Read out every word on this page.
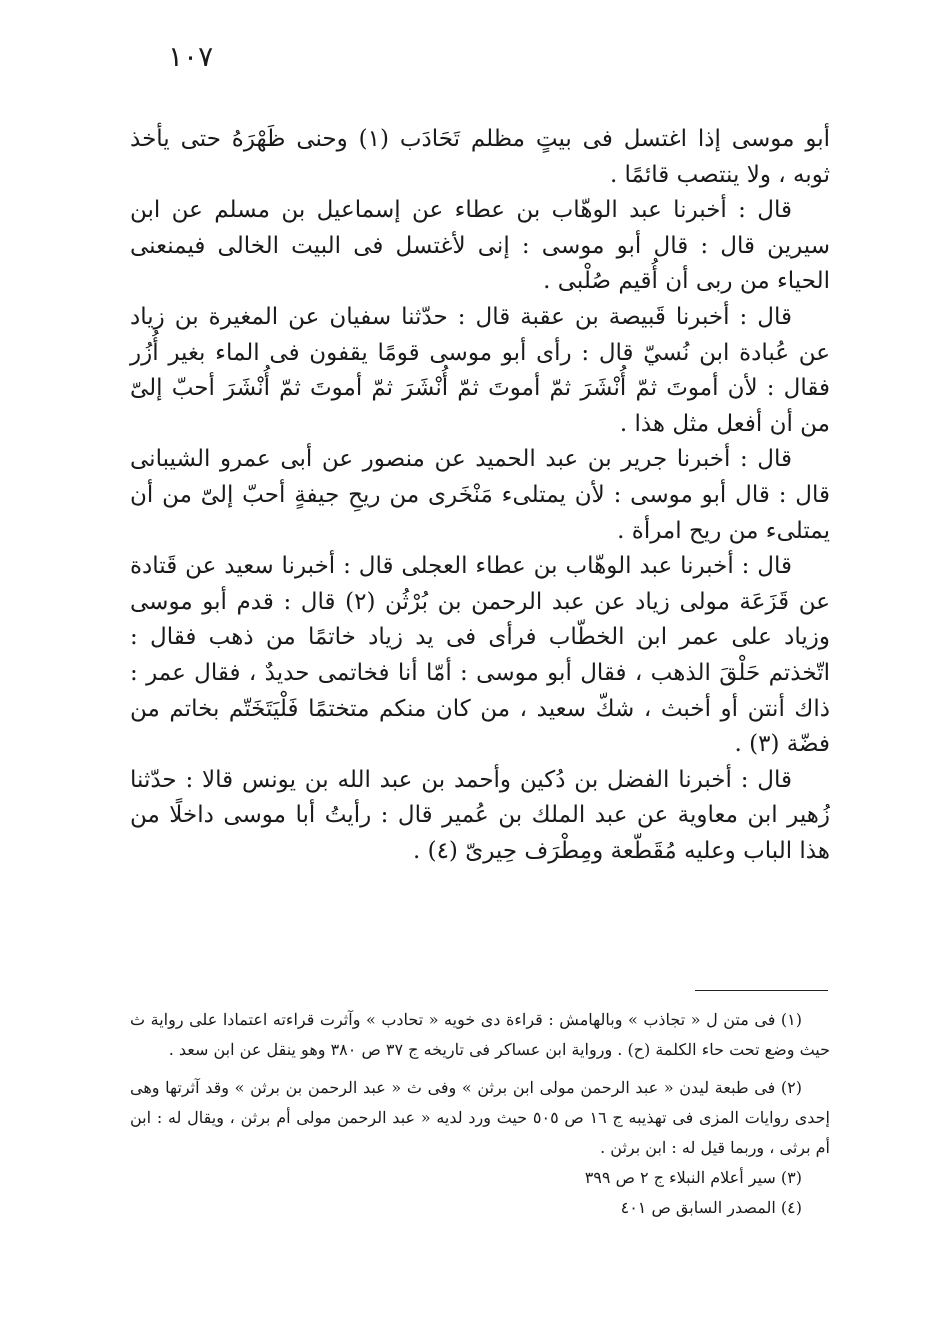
١٠٧

أبو موسى إذا اغتسل فى بيتٍ مظلم تَحَادَب (١) وحنى ظَهْرَهُ حتى يأخذ ثوبه ، ولا ينتصب قائمًا .

قال : أخبرنا عبد الوهّاب بن عطاء عن إسماعيل بن مسلم عن ابن سيرين قال : قال أبو موسى : إنى لأغتسل فى البيت الخالى فيمنعنى الحياء من ربى أن أُقيم صُلْبى .

قال : أخبرنا قَبيصة بن عقبة قال : حدّثنا سفيان عن المغيرة بن زياد عن عُبادة ابن نُسيّ قال : رأى أبو موسى قومًا يقفون فى الماء بغير أُزُر فقال : لأن أموتَ ثمّ أُنْشَرَ ثمّ أموتَ ثمّ أُنْشَرَ ثمّ أموتَ ثمّ أُنْشَرَ أحبّ إلىّ من أن أفعل مثل هذا .

قال : أخبرنا جرير بن عبد الحميد عن منصور عن أبى عمرو الشيبانى قال : قال أبو موسى : لأن يمتلىء مَنْخَرى من ريحِ جيفةٍ أحبّ إلىّ من أن يمتلىء من ريح امرأة .

قال : أخبرنا عبد الوهّاب بن عطاء العجلى قال : أخبرنا سعيد عن قَتادة عن قَزَعَة مولى زياد عن عبد الرحمن بن بُرْثُن (٢) قال : قدم أبو موسى وزياد على عمر ابن الخطّاب فرأى فى يد زياد خاتمًا من ذهب فقال : اتّخذتم حَلْقَ الذهب ، فقال أبو موسى : أمّا أنا فخاتمى حديدٌ ، فقال عمر : ذاك أنتن أو أخبث ، شكّ سعيد ، من كان منكم متختمًا فَلْيَتَخَتّم بخاتم من فضّة (٣) .

قال : أخبرنا الفضل بن دُكين وأحمد بن عبد الله بن يونس قالا : حدّثنا زُهير ابن معاوية عن عبد الملك بن عُمير قال : رأيتُ أبا موسى داخلًا من هذا الباب وعليه مُقَطّعة ومِطْرَف حِيرىّ (٤) .

(١) فى متن ل « تجاذب » وبالهامش : قراءة دى خويه « تحادب » وآثرت قراءته اعتمادا على رواية ث حيث وضع تحت حاء الكلمة (ح) . ورواية ابن عساكر فى تاريخه ج ٣٧ ص ٣٨٠ وهو ينقل عن ابن سعد .

(٢) فى طبعة ليدن « عبد الرحمن مولى ابن برثن » وفى ث « عبد الرحمن بن برثن » وقد آثرتها وهى إحدى روايات المزى فى تهذيبه ج ١٦ ص ٥٠٥ حيث ورد لديه « عبد الرحمن مولى أم برثن ، ويقال له : ابن أم برثى ، وربما قيل له : ابن برثن .

(٣) سير أعلام النبلاء ج ٢ ص ٣٩٩

(٤) المصدر السابق ص ٤٠١
